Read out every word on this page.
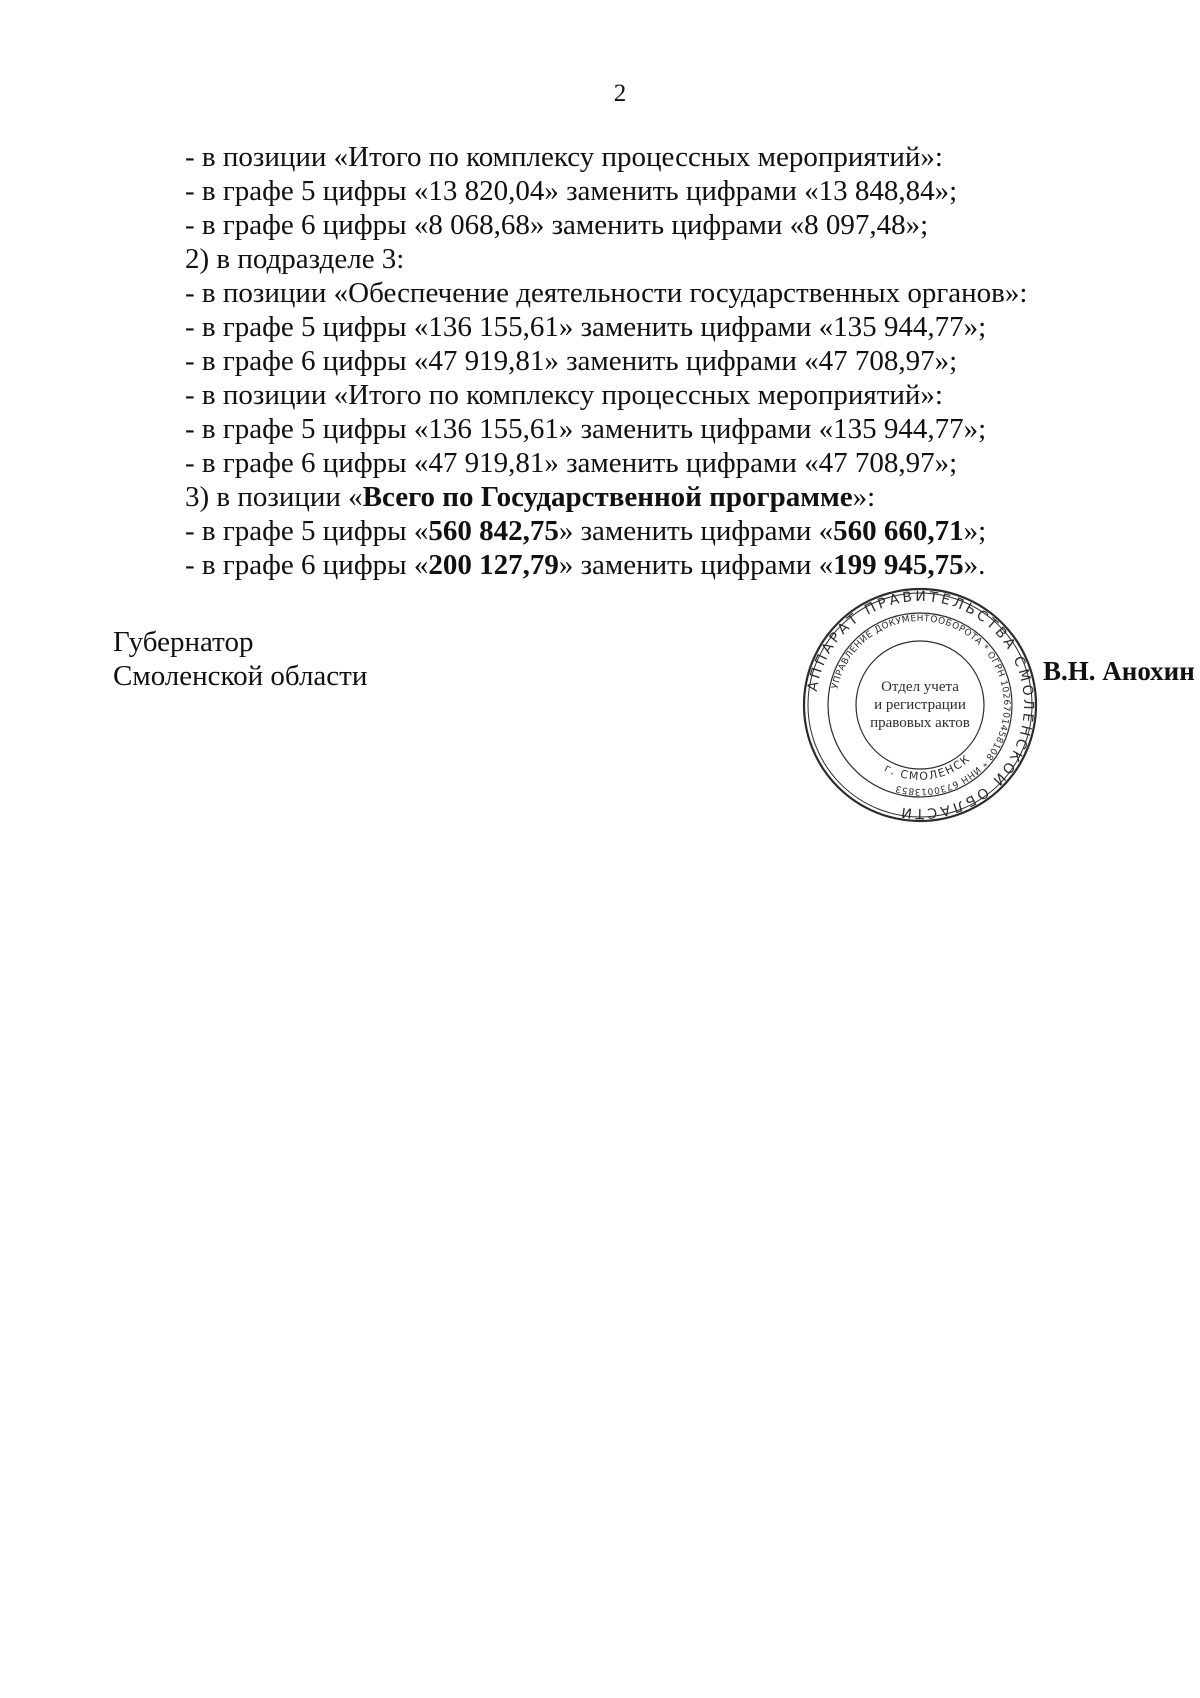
2
- в позиции «Итого по комплексу процессных мероприятий»:
- в графе 5 цифры «13 820,04» заменить цифрами «13 848,84»;
- в графе 6 цифры «8 068,68» заменить цифрами «8 097,48»;
2) в подразделе 3:
- в позиции «Обеспечение деятельности государственных органов»:
- в графе 5 цифры «136 155,61» заменить цифрами «135 944,77»;
- в графе 6 цифры «47 919,81» заменить цифрами «47 708,97»;
- в позиции «Итого по комплексу процессных мероприятий»:
- в графе 5 цифры «136 155,61» заменить цифрами «135 944,77»;
- в графе 6 цифры «47 919,81» заменить цифрами «47 708,97»;
3) в позиции «Всего по Государственной программе»:
- в графе 5 цифры «560 842,75» заменить цифрами «560 660,71»;
- в графе 6 цифры «200 127,79» заменить цифрами «199 945,75».
Губернатор
Смоленской области	В.Н. Анохин
АППАРАТ ПРАВИТЕЛЬСТВА СМОЛЕНСКОЙ ОБЛАСТИ
УПРАВЛЕНИЕ ДОКУМЕНТООБОРОТА * ОГРН 1026701458108 * ИНН 6730013853
г. СМОЛЕНСК
Отдел учета
и регистрации
правовых актов
